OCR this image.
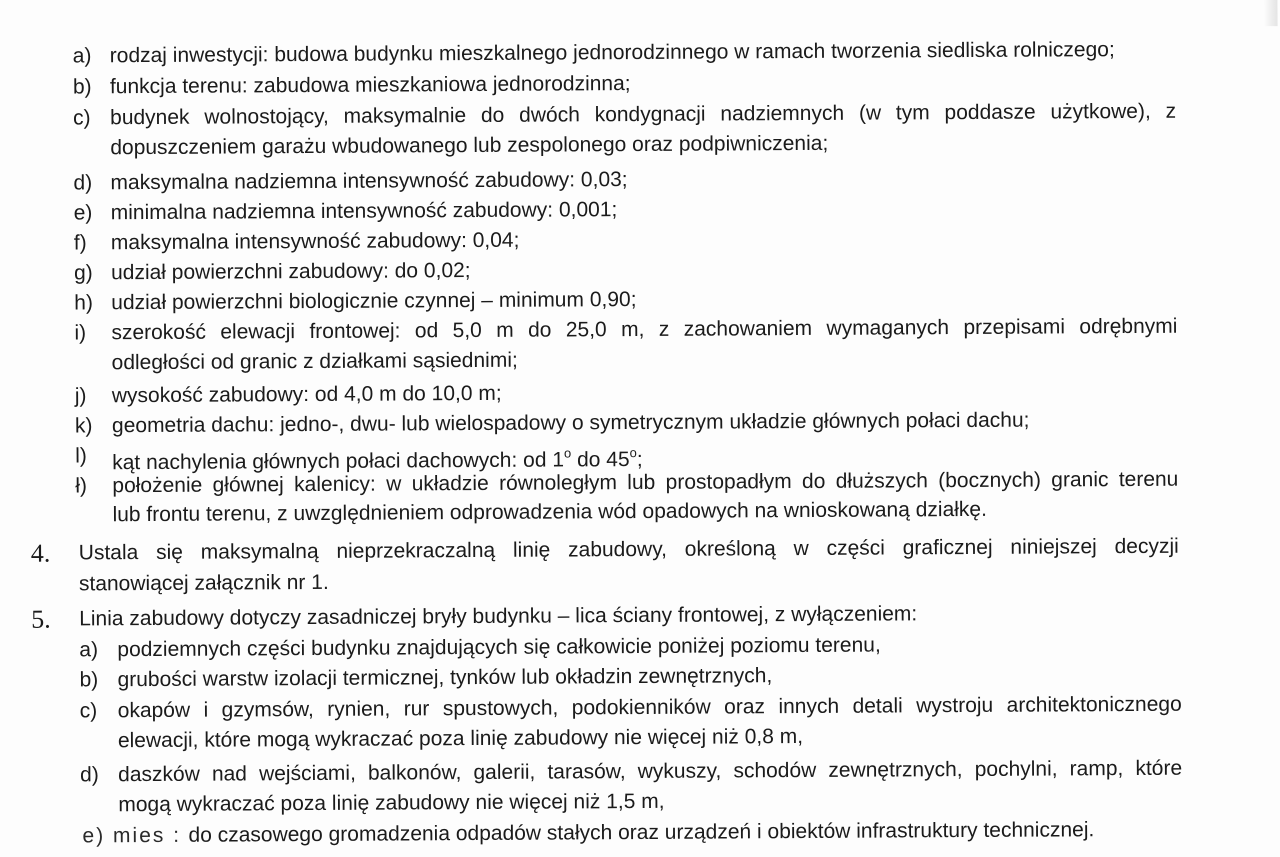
a) rodzaj inwestycji: budowa budynku mieszkalnego jednorodzinnego w ramach tworzenia siedliska rolniczego;
b) funkcja terenu: zabudowa mieszkaniowa jednorodzinna;
c) budynek wolnostojący, maksymalnie do dwóch kondygnacji nadziemnych (w tym poddasze użytkowe), z
dopuszczeniem garażu wbudowanego lub zespolonego oraz podpiwniczenia;
d) maksymalna nadziemna intensywność zabudowy: 0,03;
e) minimalna nadziemna intensywność zabudowy: 0,001;
f) maksymalna intensywność zabudowy: 0,04;
g) udział powierzchni zabudowy: do 0,02;
h) udział powierzchni biologicznie czynnej – minimum 0,90;
i) szerokość elewacji frontowej: od 5,0 m do 25,0 m, z zachowaniem wymaganych przepisami odrębnymi
odległości od granic z działkami sąsiednimi;
j) wysokość zabudowy: od 4,0 m do 10,0 m;
k) geometria dachu: jedno-, dwu- lub wielospadowy o symetrycznym układzie głównych połaci dachu;
l) kąt nachylenia głównych połaci dachowych: od 1$^o$ do 45$^o$;
ł) położenie głównej kalenicy: w układzie równoległym lub prostopadłym do dłuższych (bocznych) granic terenu
lub frontu terenu, z uwzględnieniem odprowadzenia wód opadowych na wnioskowaną działkę.
4. Ustala się maksymalną nieprzekraczalną linię zabudowy, określoną w części graficznej niniejszej decyzji
stanowiącej załącznik nr 1.
5. Linia zabudowy dotyczy zasadniczej bryły budynku – lica ściany frontowej, z wyłączeniem:
a) podziemnych części budynku znajdujących się całkowicie poniżej poziomu terenu,
b) grubości warstw izolacji termicznej, tynków lub okładzin zewnętrznych,
c) okapów i gzymsów, rynien, rur spustowych, podokienników oraz innych detali wystroju architektonicznego
elewacji, które mogą wykraczać poza linię zabudowy nie więcej niż 0,8 m,
d) daszków nad wejściami, balkonów, galerii, tarasów, wykuszy, schodów zewnętrznych, pochylni, ramp, które
mogą wykraczać poza linię zabudowy nie więcej niż 1,5 m,
e) mies : do czasowego gromadzenia odpadów stałych oraz urządzeń i obiektów infrastruktury technicznej.
